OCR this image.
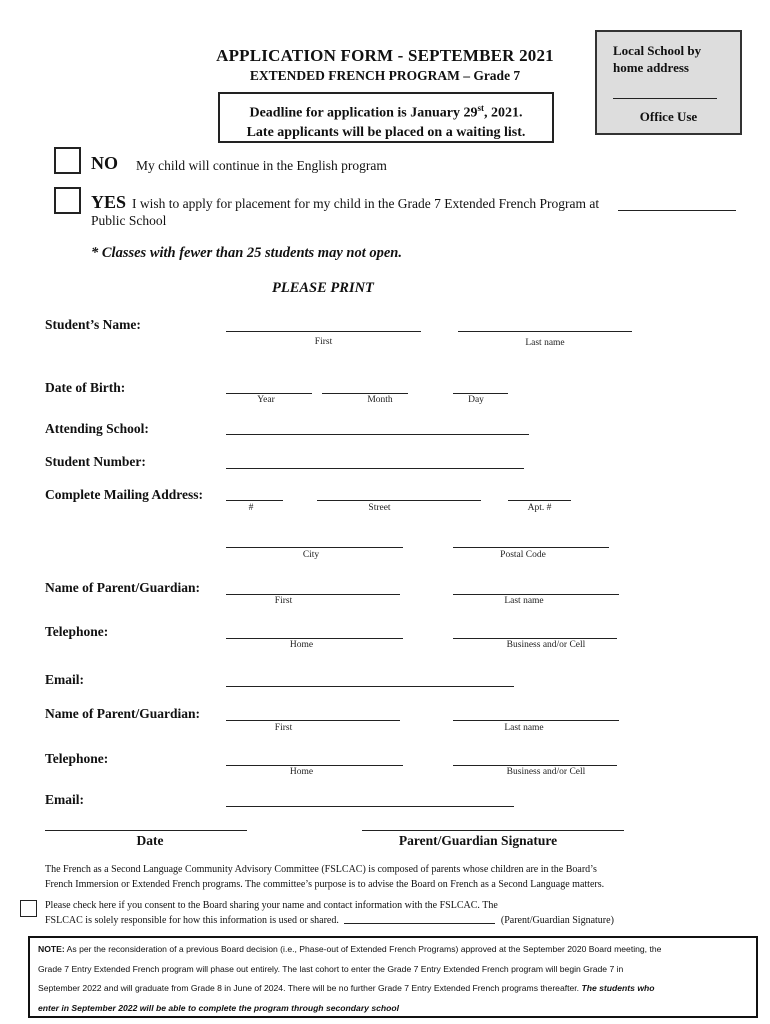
APPLICATION FORM - SEPTEMBER 2021
EXTENDED FRENCH PROGRAM – Grade 7
Deadline for application is January 29st, 2021.
Late applicants will be placed on a waiting list.
Local School by
home address
Office Use
NO My child will continue in the English program
YES I wish to apply for placement for my child in the Grade 7 Extended French Program at
Public School
* Classes with fewer than 25 students may not open.
PLEASE PRINT
Student’s Name:
First	Last name
Date of Birth:
Year	Month	Day
Attending School:
Student Number:
Complete Mailing Address:
#	Street	Apt. #
City	Postal Code
Name of Parent/Guardian:
First	Last name
Telephone:
Home	Business and/or Cell
Email:
Name of Parent/Guardian:
First	Last name
Telephone:
Home	Business and/or Cell
Email:
Date	Parent/Guardian Signature
The French as a Second Language Community Advisory Committee (FSLCAC) is composed of parents whose children are in the Board’s
French Immersion or Extended French programs. The committee’s purpose is to advise the Board on French as a Second Language matters.
Please check here if you consent to the Board sharing your name and contact information with the FSLCAC. The
FSLCAC is solely responsible for how this information is used or shared.	(Parent/Guardian Signature)
NOTE: As per the reconsideration of a previous Board decision (i.e., Phase-out of Extended French Programs) approved at the September 2020 Board meeting, the
Grade 7 Entry Extended French program will phase out entirely. The last cohort to enter the Grade 7 Entry Extended French program will begin Grade 7 in
September 2022 and will graduate from Grade 8 in June of 2024. There will be no further Grade 7 Entry Extended French programs thereafter. The students who
enter in September 2022 will be able to complete the program through secondary school
